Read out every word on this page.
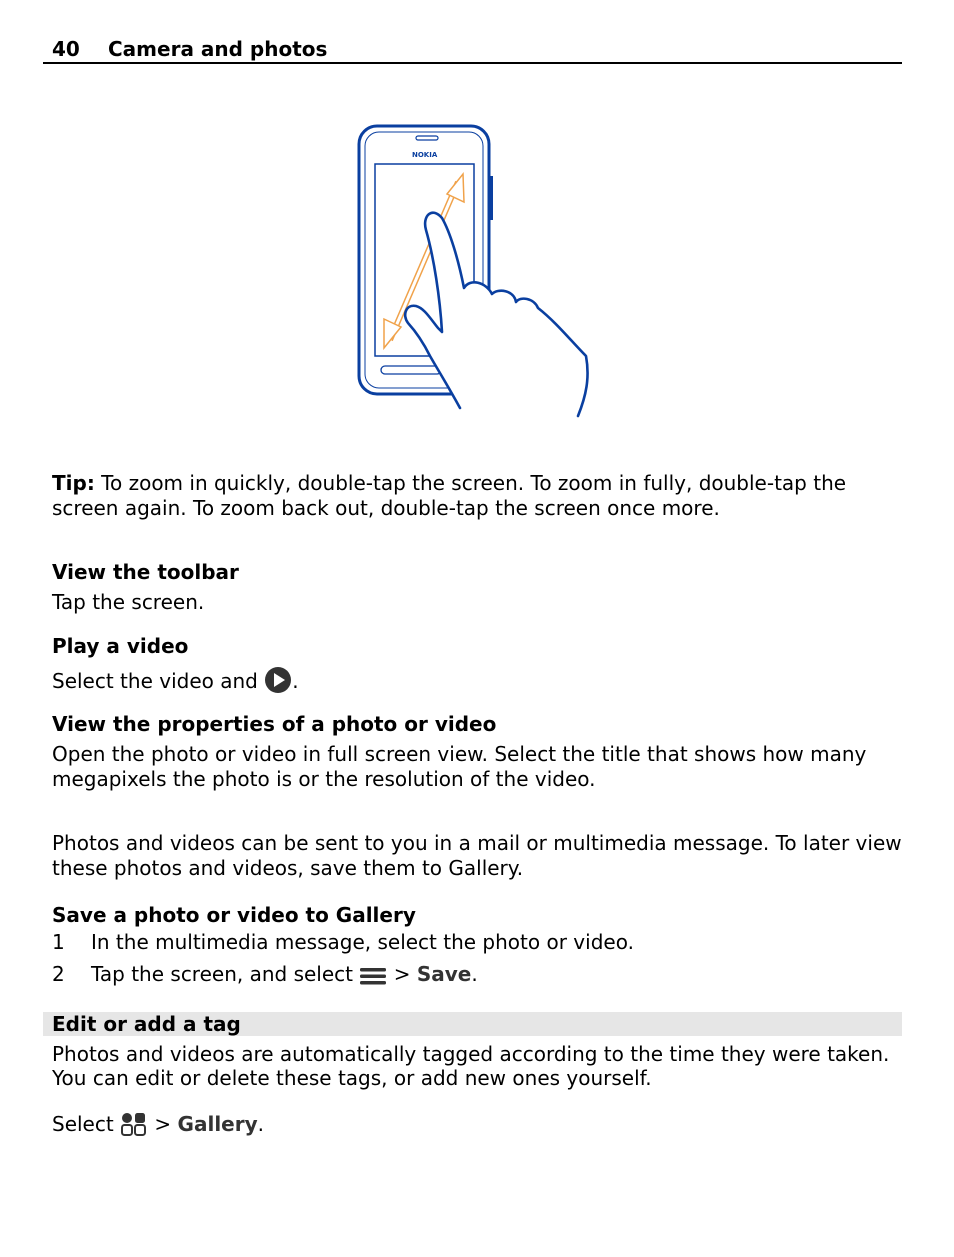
40 Camera and photos
NOKIA
Tip: To zoom in quickly, double-tap the screen. To zoom in fully, double-tap the
screen again. To zoom back out, double-tap the screen once more.
View the toolbar
Tap the screen.
Play a video
Select the video and .
View the properties of a photo or video
Open the photo or video in full screen view. Select the title that shows how many
megapixels the photo is or the resolution of the video.
Photos and videos can be sent to you in a mail or multimedia message. To later view
these photos and videos, save them to Gallery.
Save a photo or video to Gallery
1 In the multimedia message, select the photo or video.
2 Tap the screen, and select  > Save.
Edit or add a tag
Photos and videos are automatically tagged according to the time they were taken.
You can edit or delete these tags, or add new ones yourself.
Select  > Gallery.
